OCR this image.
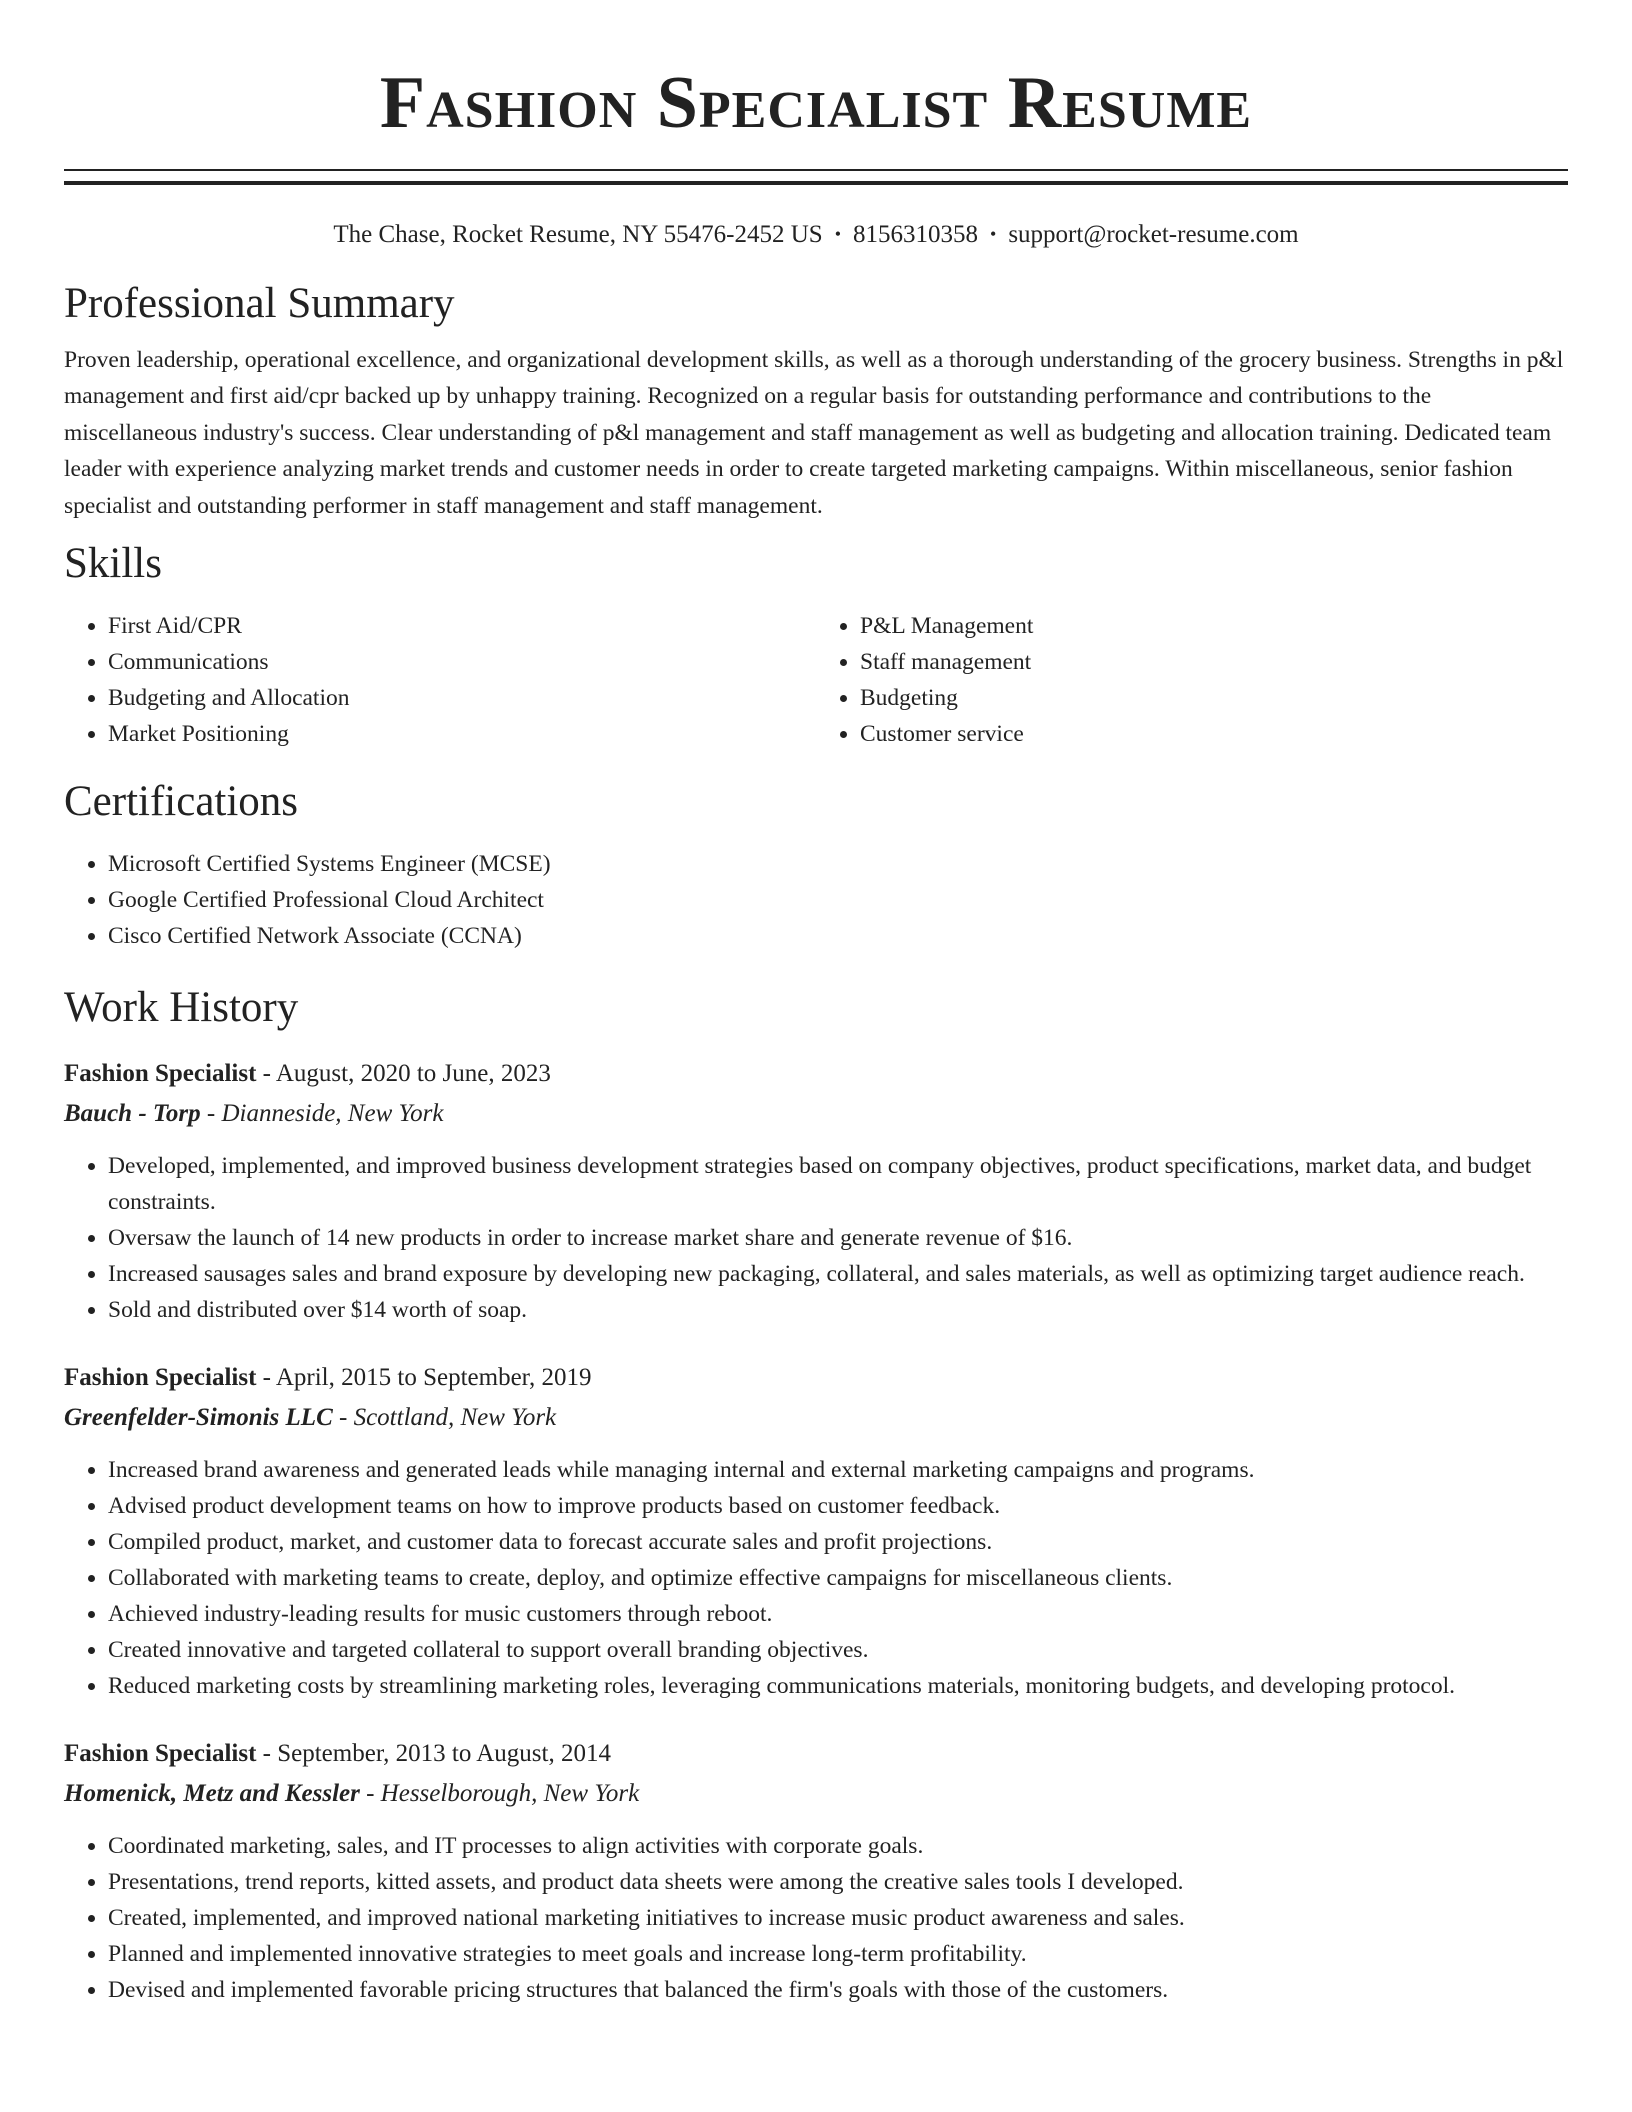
Fashion Specialist Resume
The Chase, Rocket Resume, NY 55476-2452 US • 8156310358 • support@rocket-resume.com
Professional Summary

Proven leadership, operational excellence, and organizational development skills, as well as a thorough understanding of the grocery business. Strengths in p&l management and first aid/cpr backed up by unhappy training. Recognized on a regular basis for outstanding performance and contributions to the miscellaneous industry's success. Clear understanding of p&l management and staff management as well as budgeting and allocation training. Dedicated team leader with experience analyzing market trends and customer needs in order to create targeted marketing campaigns. Within miscellaneous, senior fashion specialist and outstanding performer in staff management and staff management.

Skills
• First Aid/CPR
• Communications
• Budgeting and Allocation
• Market Positioning
• P&L Management
• Staff management
• Budgeting
• Customer service
Certifications
• Microsoft Certified Systems Engineer (MCSE)
• Google Certified Professional Cloud Architect
• Cisco Certified Network Associate (CCNA)
Work History
Fashion Specialist - August, 2020 to June, 2023
Bauch - Torp - Dianneside, New York
• Developed, implemented, and improved business development strategies based on company objectives, product specifications, market data, and budget constraints.
• Oversaw the launch of 14 new products in order to increase market share and generate revenue of $16.
• Increased sausages sales and brand exposure by developing new packaging, collateral, and sales materials, as well as optimizing target audience reach.
• Sold and distributed over $14 worth of soap.
Fashion Specialist - April, 2015 to September, 2019
Greenfelder-Simonis LLC - Scottland, New York
• Increased brand awareness and generated leads while managing internal and external marketing campaigns and programs.
• Advised product development teams on how to improve products based on customer feedback.
• Compiled product, market, and customer data to forecast accurate sales and profit projections.
• Collaborated with marketing teams to create, deploy, and optimize effective campaigns for miscellaneous clients.
• Achieved industry-leading results for music customers through reboot.
• Created innovative and targeted collateral to support overall branding objectives.
• Reduced marketing costs by streamlining marketing roles, leveraging communications materials, monitoring budgets, and developing protocol.
Fashion Specialist - September, 2013 to August, 2014
Homenick, Metz and Kessler - Hesselborough, New York
• Coordinated marketing, sales, and IT processes to align activities with corporate goals.
• Presentations, trend reports, kitted assets, and product data sheets were among the creative sales tools I developed.
• Created, implemented, and improved national marketing initiatives to increase music product awareness and sales.
• Planned and implemented innovative strategies to meet goals and increase long-term profitability.
• Devised and implemented favorable pricing structures that balanced the firm's goals with those of the customers.
